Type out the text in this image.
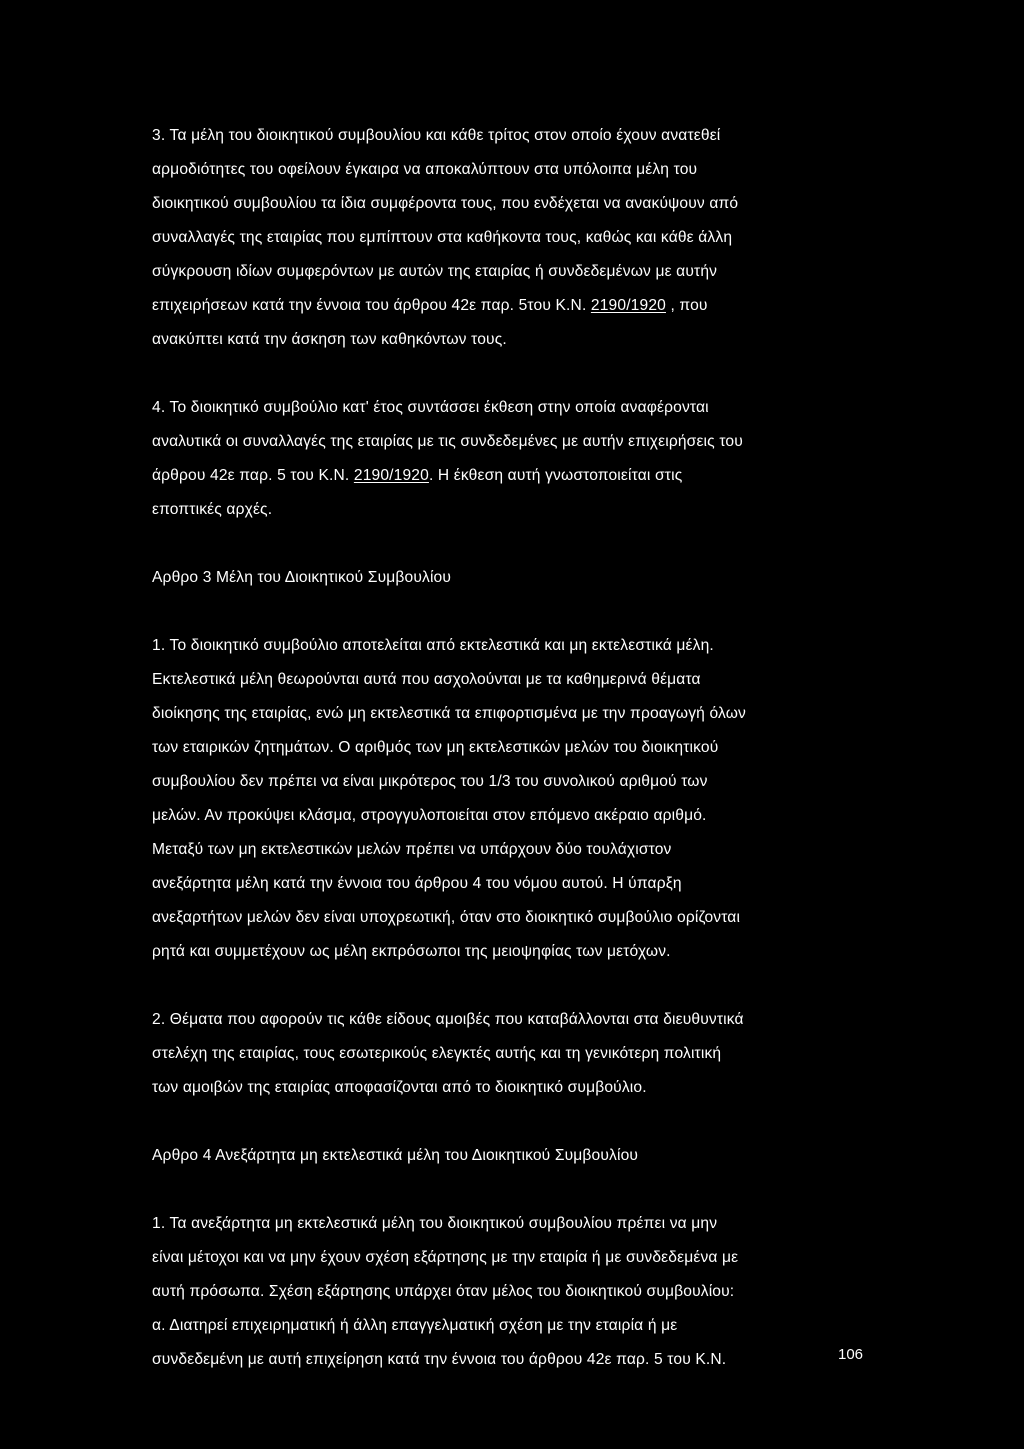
3. Τα μέλη του διοικητικού συμβουλίου και κάθε τρίτος στον οποίο έχουν ανατεθεί
αρμοδιότητες του οφείλουν έγκαιρα να αποκαλύπτουν στα υπόλοιπα μέλη του
διοικητικού συμβουλίου τα ίδια συμφέροντα τους, που ενδέχεται να ανακύψουν από
συναλλαγές της εταιρίας που εμπίπτουν στα καθήκοντα τους, καθώς και κάθε άλλη
σύγκρουση ιδίων συμφερόντων με αυτών της εταιρίας ή συνδεδεμένων με αυτήν
επιχειρήσεων κατά την έννοια του άρθρου 42ε παρ. 5του Κ.Ν. 2190/1920 , που
ανακύπτει κατά την άσκηση των καθηκόντων τους.

4. Το διοικητικό συμβούλιο κατ' έτος συντάσσει έκθεση στην οποία αναφέρονται
αναλυτικά οι συναλλαγές της εταιρίας με τις συνδεδεμένες με αυτήν επιχειρήσεις του
άρθρου 42ε παρ. 5 του Κ.Ν. 2190/1920. Η έκθεση αυτή γνωστοποιείται στις
εποπτικές αρχές.

Αρθρο 3 Μέλη του Διοικητικού Συμβουλίου

1. Το διοικητικό συμβούλιο αποτελείται από εκτελεστικά και μη εκτελεστικά μέλη.
Εκτελεστικά μέλη θεωρούνται αυτά που ασχολούνται με τα καθημερινά θέματα
διοίκησης της εταιρίας, ενώ μη εκτελεστικά τα επιφορτισμένα με την προαγωγή όλων
των εταιρικών ζητημάτων. Ο αριθμός των μη εκτελεστικών μελών του διοικητικού
συμβουλίου δεν πρέπει να είναι μικρότερος του 1/3 του συνολικού αριθμού των
μελών. Αν προκύψει κλάσμα, στρογγυλοποιείται στον επόμενο ακέραιο αριθμό.
Μεταξύ των μη εκτελεστικών μελών πρέπει να υπάρχουν δύο τουλάχιστον
ανεξάρτητα μέλη κατά την έννοια του άρθρου 4 του νόμου αυτού. Η ύπαρξη
ανεξαρτήτων μελών δεν είναι υποχρεωτική, όταν στο διοικητικό συμβούλιο ορίζονται
ρητά και συμμετέχουν ως μέλη εκπρόσωποι της μειοψηφίας των μετόχων.

2. Θέματα που αφορούν τις κάθε είδους αμοιβές που καταβάλλονται στα διευθυντικά
στελέχη της εταιρίας, τους εσωτερικούς ελεγκτές αυτής και τη γενικότερη πολιτική
των αμοιβών της εταιρίας αποφασίζονται από το διοικητικό συμβούλιο.

Αρθρο 4 Ανεξάρτητα μη εκτελεστικά μέλη του Διοικητικού Συμβουλίου

1. Τα ανεξάρτητα μη εκτελεστικά μέλη του διοικητικού συμβουλίου πρέπει να μην
είναι μέτοχοι και να μην έχουν σχέση εξάρτησης με την εταιρία ή με συνδεδεμένα με
αυτή πρόσωπα. Σχέση εξάρτησης υπάρχει όταν μέλος του διοικητικού συμβουλίου:
α. Διατηρεί επιχειρηματική ή άλλη επαγγελματική σχέση με την εταιρία ή με
συνδεδεμένη με αυτή επιχείρηση κατά την έννοια του άρθρου 42ε παρ. 5 του Κ.Ν.	106
